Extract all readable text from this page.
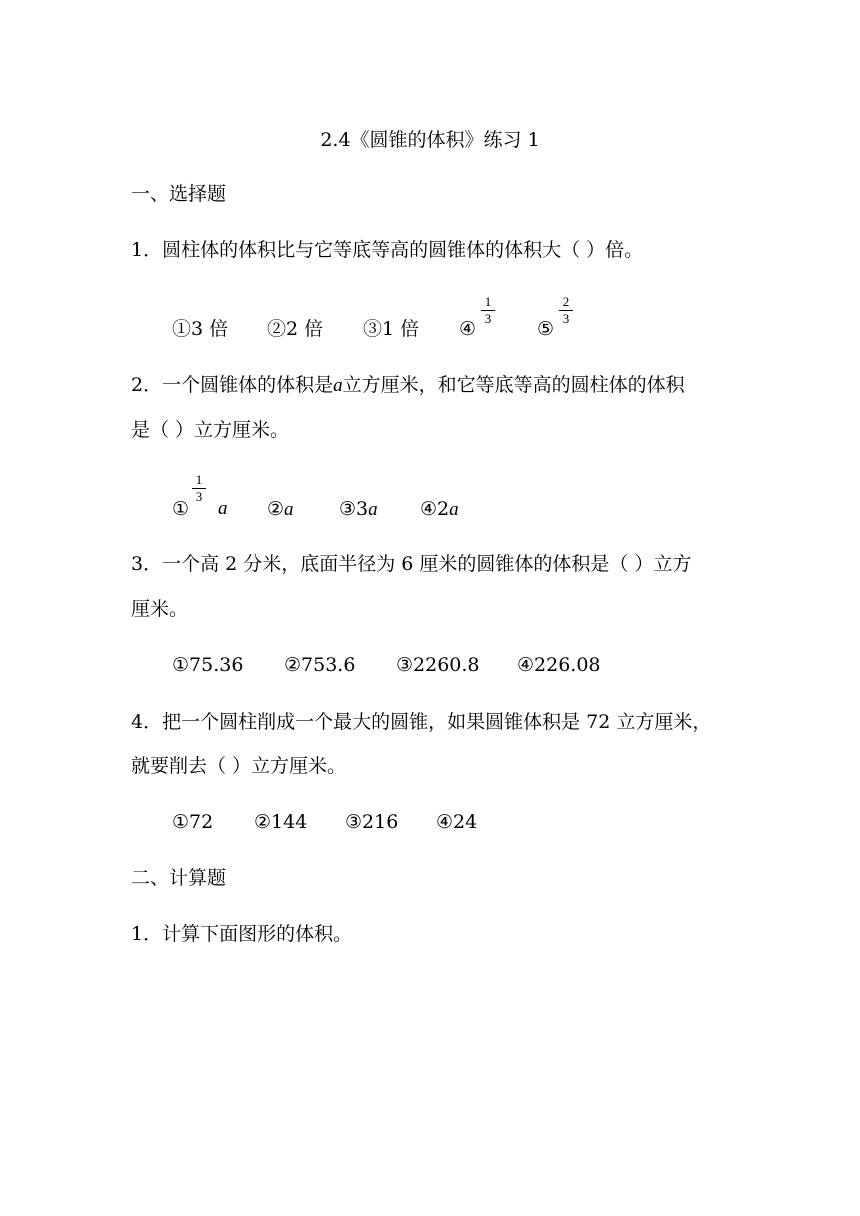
2.4《圆锥的体积》练习 1
一、选择题
1．圆柱体的体积比与它等底等高的圆锥体的体积大（ ）倍。
①3 倍 ②2 倍 ③1 倍 ④
1
3 ⑤
2
3
2．一个圆锥体的体积是a立方厘米，和它等底等高的圆柱体的体积
是（ ）立方厘米。
①
1
3
a ②a ③3a ④2a
3．一个高 2 分米，底面半径为 6 厘米的圆锥体的体积是（ ）立方
厘米。
①75.36 ②753.6 ③2260.8 ④226.08
4．把一个圆柱削成一个最大的圆锥，如果圆锥体积是 72 立方厘米，
就要削去（ ）立方厘米。
①72 ②144 ③216 ④24
二、计算题
1．计算下面图形的体积。
